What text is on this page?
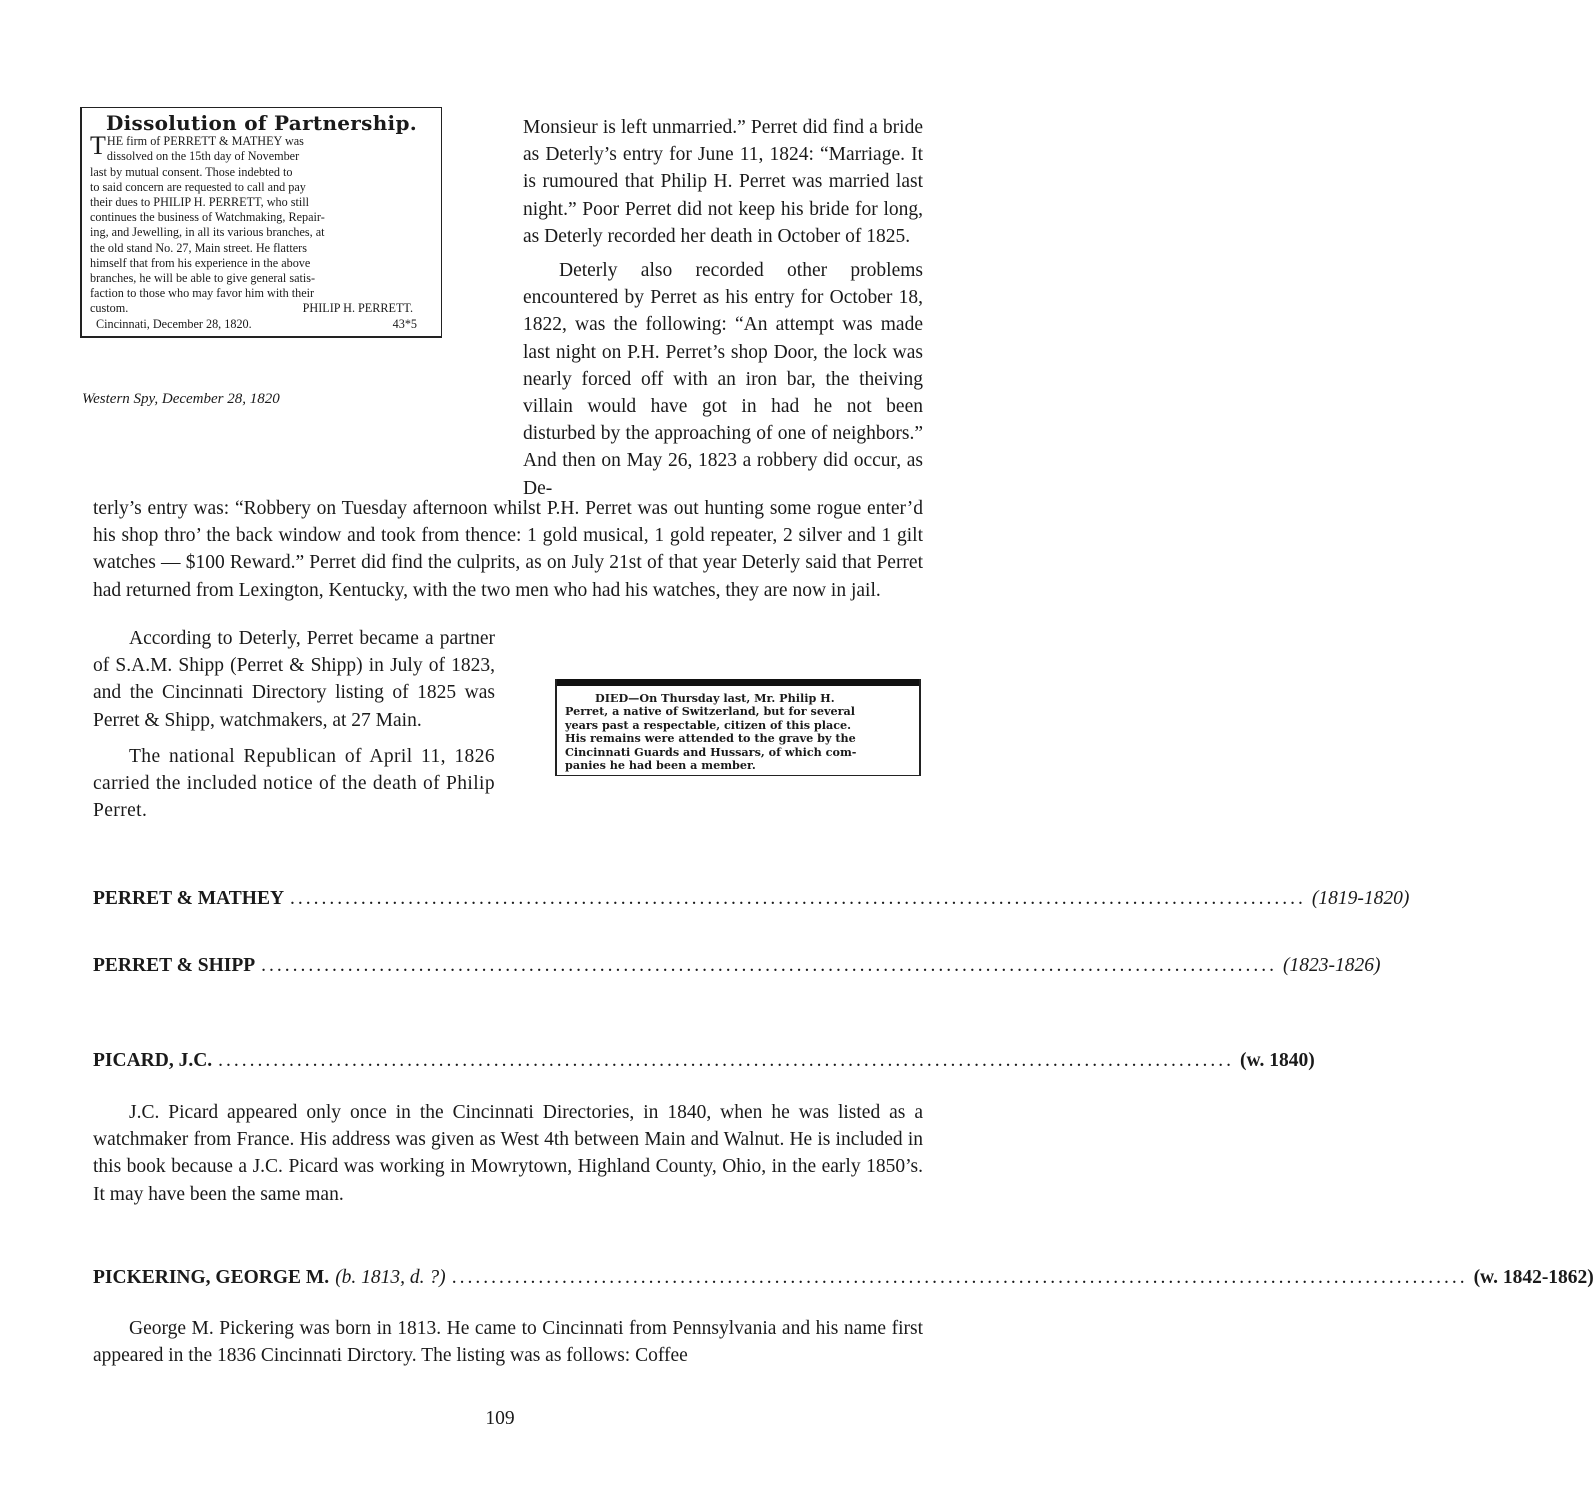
Dissolution of Partnership.
T HE firm of PERRETT & MATHEY was
dissolved on the 15th day of November
last by mutual consent. Those indebted to
to said concern are requested to call and pay
their dues to PHILIP H. PERRETT, who still
continues the business of Watchmaking, Repair-
ing, and Jewelling, in all its various branches, at
the old stand No. 27, Main street. He flatters
himself that from his experience in the above
branches, he will be able to give general satis-
faction to those who may favor him with their
custom.	PHILIP H. PERRETT.
Cincinnati, December 28, 1820.	43*5
Western Spy, December 28, 1820

Monsieur is left unmarried.” Perret did find a bride as Deterly’s entry for June 11, 1824: “Marriage. It is rumoured that Philip H. Perret was married last night.” Poor Perret did not keep his bride for long, as Deterly recorded her death in October of 1825.

Deterly also recorded other problems encountered by Perret as his entry for October 18, 1822, was the following: “An attempt was made last night on P.H. Perret’s shop Door, the lock was nearly forced off with an iron bar, the theiving villain would have got in had he not been disturbed by the approaching of one of neighbors.” And then on May 26, 1823 a robbery did occur, as De-

terly’s entry was: “Robbery on Tuesday afternoon whilst P.H. Perret was out hunting some rogue enter’d his shop thro’ the back window and took from thence: 1 gold musical, 1 gold repeater, 2 silver and 1 gilt watches — $100 Reward.” Perret did find the culprits, as on July 21st of that year Deterly said that Perret had returned from Lexington, Kentucky, with the two men who had his watches, they are now in jail.

According to Deterly, Perret became a partner of S.A.M. Shipp (Perret & Shipp) in July of 1823, and the Cincinnati Directory listing of 1825 was Perret & Shipp, watchmakers, at 27 Main.

The national Republican of April 11, 1826 carried the included notice of the death of Philip Perret.

DIED—On Thursday last, Mr. Philip H.
Perret, a native of Switzerland, but for several
years past a respectable, citizen of this place.
His remains were attended to the grave by the
Cincinnati Guards and Hussars, of which com-
panies he had been a member.
PERRET & MATHEY ................................................................................................................................. (1819-1820)
PERRET & SHIPP ................................................................................................................................. (1823-1826)
PICARD, J.C. ................................................................................................................................. (w. 1840)
J.C. Picard appeared only once in the Cincinnati Directories, in 1840, when he was listed as a watchmaker from France. His address was given as West 4th between Main and Walnut. He is included in this book because a J.C. Picard was working in Mowrytown, Highland County, Ohio, in the early 1850’s. It may have been the same man.
PICKERING, GEORGE M. (b. 1813, d. ?) ................................................................................................................................. (w. 1842-1862)
George M. Pickering was born in 1813. He came to Cincinnati from Pennsylvania and his name first appeared in the 1836 Cincinnati Dirctory. The listing was as follows: Coffee
109
